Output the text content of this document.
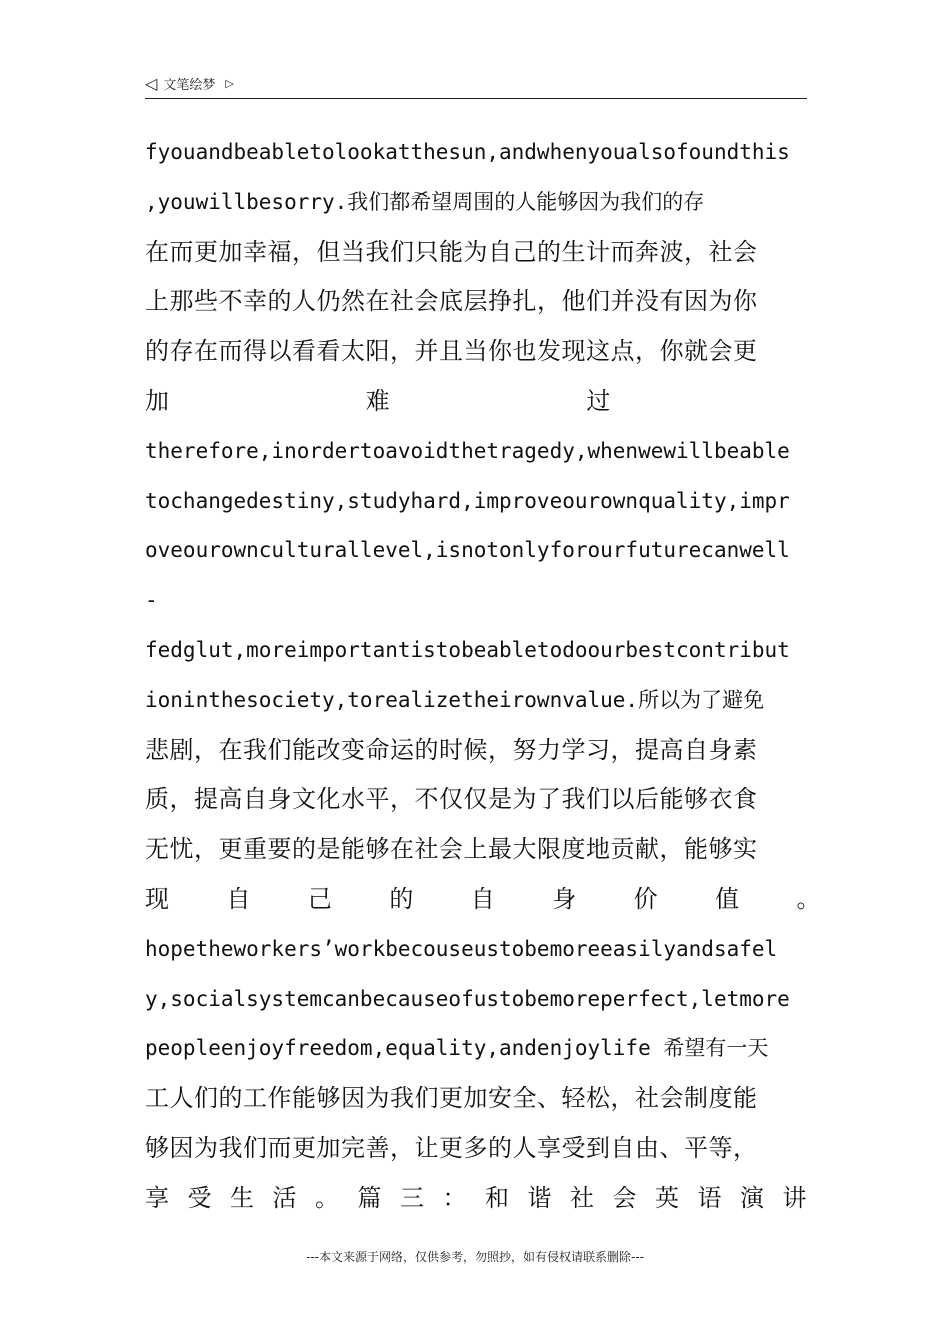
◁ 文笔绘梦 ▷
fyouandbeabletolookatthesun,andwhenyoualsofoundthis
,youwillbesorry.我们都希望周围的人能够因为我们的存
在而更加幸福，但当我们只能为自己的生计而奔波，社会
上那些不幸的人仍然在社会底层挣扎，他们并没有因为你
的存在而得以看看太阳，并且当你也发现这点，你就会更
加	难	过
therefore,inordertoavoidthetragedy,whenwewillbeable
tochangedestiny,studyhard,improveourownquality,impr
oveourownculturallevel,isnotonlyforourfuturecanwell
-
fedglut,moreimportantistobeabletodoourbestcontribut
ioninthesociety,torealizetheirownvalue.所以为了避免
悲剧，在我们能改变命运的时候，努力学习，提高自身素
质，提高自身文化水平，不仅仅是为了我们以后能够衣食
无忧，更重要的是能够在社会上最大限度地贡献，能够实
现 自 己 的 自 身 价 值 。
hopetheworkers’workbecouseustobemoreeasilyandsafel
y,socialsystemcanbecauseofustobemoreperfect,letmore
peopleenjoyfreedom,equality,andenjoylife 希望有一天
工人们的工作能够因为我们更加安全、轻松，社会制度能
够因为我们而更加完善，让更多的人享受到自由、平等，
享 受 生 活 。 篇 三 ： 和 谐 社 会 英 语 演 讲
---本文来源于网络，仅供参考，勿照抄，如有侵权请联系删除---
